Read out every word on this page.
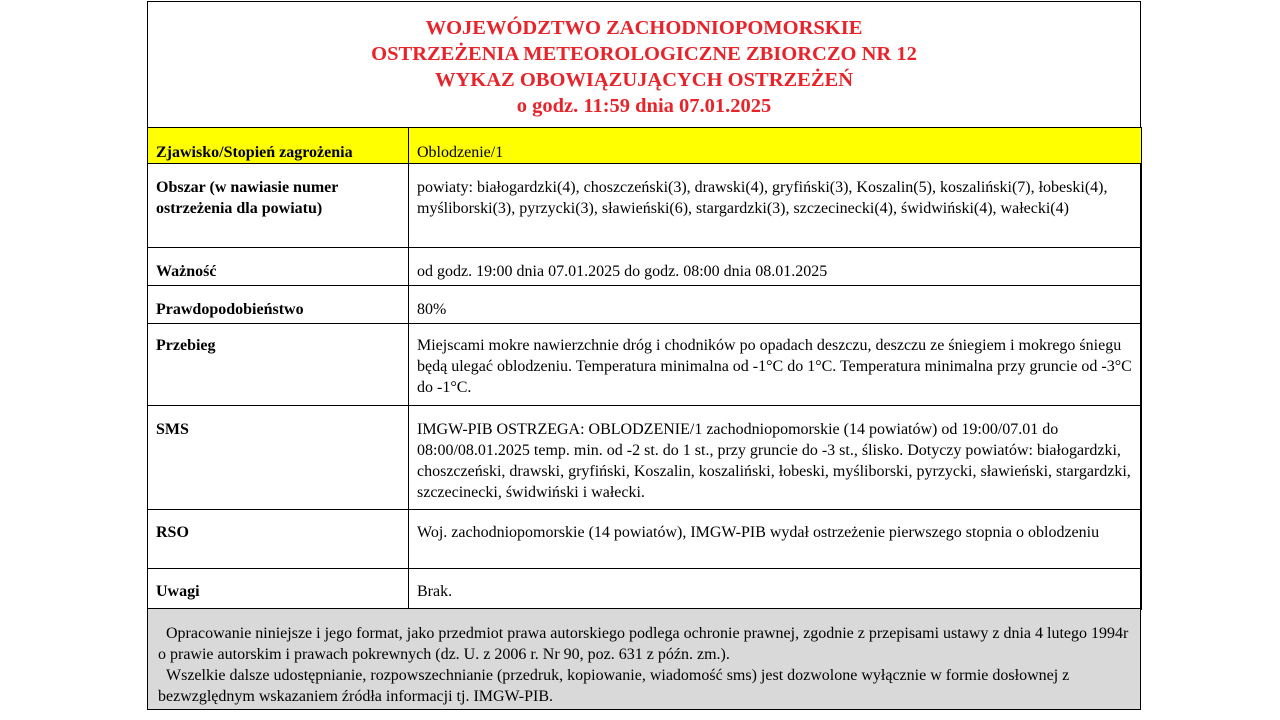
WOJEWÓDZTWO ZACHODNIOPOMORSKIE
OSTRZEŻENIA METEOROLOGICZNE ZBIORCZO NR 12
WYKAZ OBOWIĄZUJĄCYCH OSTRZEŻEŃ
o godz. 11:59 dnia 07.01.2025
Zjawisko/Stopień zagrożenia	Oblodzenie/1
Obszar (w nawiasie numer ostrzeżenia dla powiatu)	powiaty: białogardzki(4), choszczeński(3), drawski(4), gryfiński(3), Koszalin(5), koszaliński(7), łobeski(4), myśliborski(3), pyrzycki(3), sławieński(6), stargardzki(3), szczecinecki(4), świdwiński(4), wałecki(4)
Ważność	od godz. 19:00 dnia 07.01.2025 do godz. 08:00 dnia 08.01.2025
Prawdopodobieństwo	80%
Przebieg	Miejscami mokre nawierzchnie dróg i chodników po opadach deszczu, deszczu ze śniegiem i mokrego śniegu będą ulegać oblodzeniu. Temperatura minimalna od -1°C do 1°C. Temperatura minimalna przy gruncie od -3°C do -1°C.
SMS	IMGW-PIB OSTRZEGA: OBLODZENIE/1 zachodniopomorskie (14 powiatów) od 19:00/07.01 do 08:00/08.01.2025 temp. min. od -2 st. do 1 st., przy gruncie do -3 st., ślisko. Dotyczy powiatów: białogardzki, choszczeński, drawski, gryfiński, Koszalin, koszaliński, łobeski, myśliborski, pyrzycki, sławieński, stargardzki, szczecinecki, świdwiński i wałecki.
RSO	Woj. zachodniopomorskie (14 powiatów), IMGW-PIB wydał ostrzeżenie pierwszego stopnia o oblodzeniu
Uwagi	Brak.

Opracowanie niniejsze i jego format, jako przedmiot prawa autorskiego podlega ochronie prawnej, zgodnie z przepisami ustawy z dnia 4 lutego 1994r o prawie autorskim i prawach pokrewnych (dz. U. z 2006 r. Nr 90, poz. 631 z późn. zm.).

Wszelkie dalsze udostępnianie, rozpowszechnianie (przedruk, kopiowanie, wiadomość sms) jest dozwolone wyłącznie w formie dosłownej z bezwzględnym wskazaniem źródła informacji tj. IMGW-PIB.
